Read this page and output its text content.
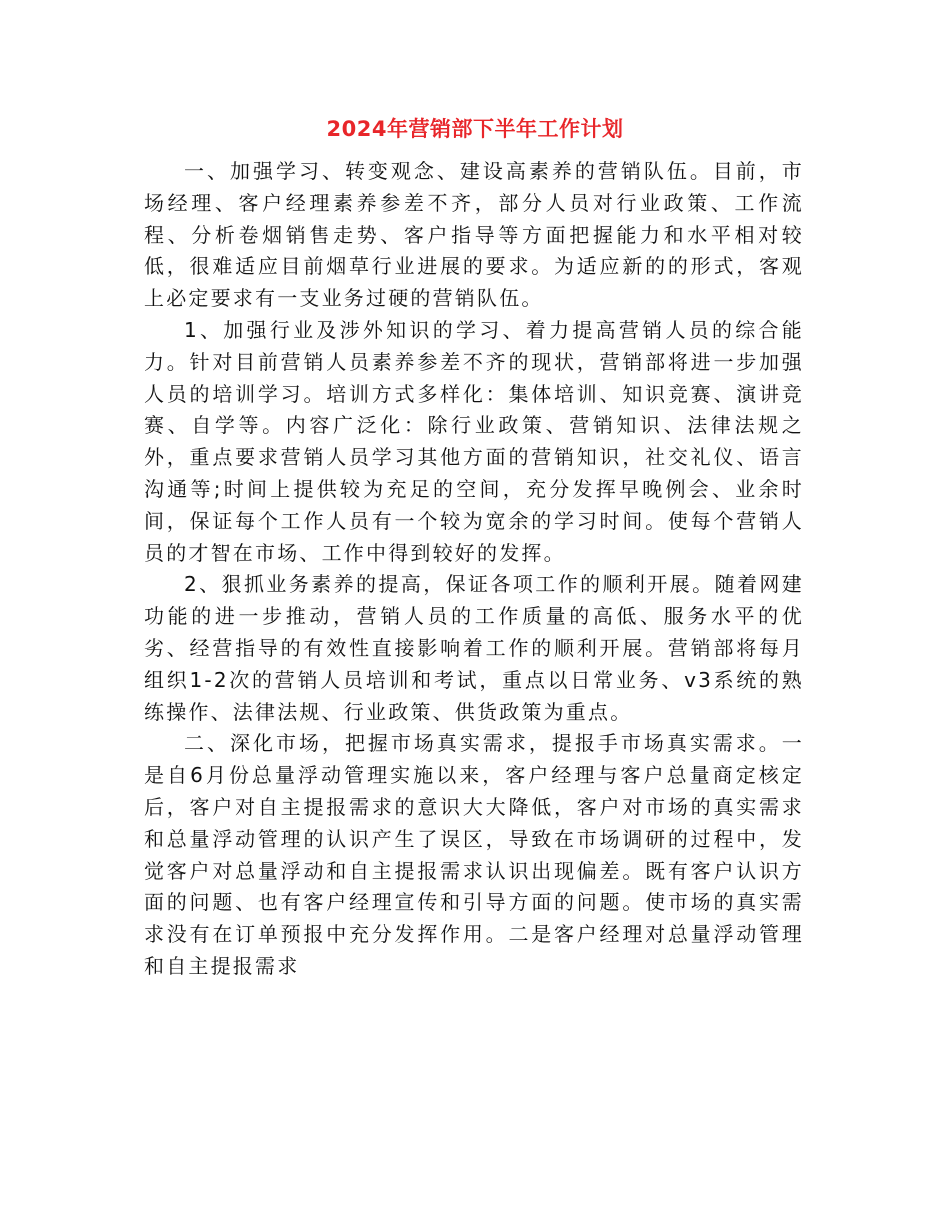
2024年营销部下半年工作计划

一、加强学习、转变观念、建设高素养的营销队伍。目前，市场经理、客户经理素养参差不齐，部分人员对行业政策、工作流程、分析卷烟销售走势、客户指导等方面把握能力和水平相对较低，很难适应目前烟草行业进展的要求。为适应新的的形式，客观上必定要求有一支业务过硬的营销队伍。

1、加强行业及涉外知识的学习、着力提高营销人员的综合能力。针对目前营销人员素养参差不齐的现状，营销部将进一步加强人员的培训学习。培训方式多样化：集体培训、知识竞赛、演讲竞赛、自学等。内容广泛化：除行业政策、营销知识、法律法规之外，重点要求营销人员学习其他方面的营销知识，社交礼仪、语言沟通等;时间上提供较为充足的空间，充分发挥早晚例会、业余时间，保证每个工作人员有一个较为宽余的学习时间。使每个营销人员的才智在市场、工作中得到较好的发挥。

2、狠抓业务素养的提高，保证各项工作的顺利开展。随着网建功能的进一步推动，营销人员的工作质量的高低、服务水平的优劣、经营指导的有效性直接影响着工作的顺利开展。营销部将每月组织1-2次的营销人员培训和考试，重点以日常业务、v3系统的熟练操作、法律法规、行业政策、供货政策为重点。

二、深化市场，把握市场真实需求，提报手市场真实需求。一是自6月份总量浮动管理实施以来，客户经理与客户总量商定核定后，客户对自主提报需求的意识大大降低，客户对市场的真实需求和总量浮动管理的认识产生了误区，导致在市场调研的过程中，发觉客户对总量浮动和自主提报需求认识出现偏差。既有客户认识方面的问题、也有客户经理宣传和引导方面的问题。使市场的真实需求没有在订单预报中充分发挥作用。二是客户经理对总量浮动管理和自主提报需求
